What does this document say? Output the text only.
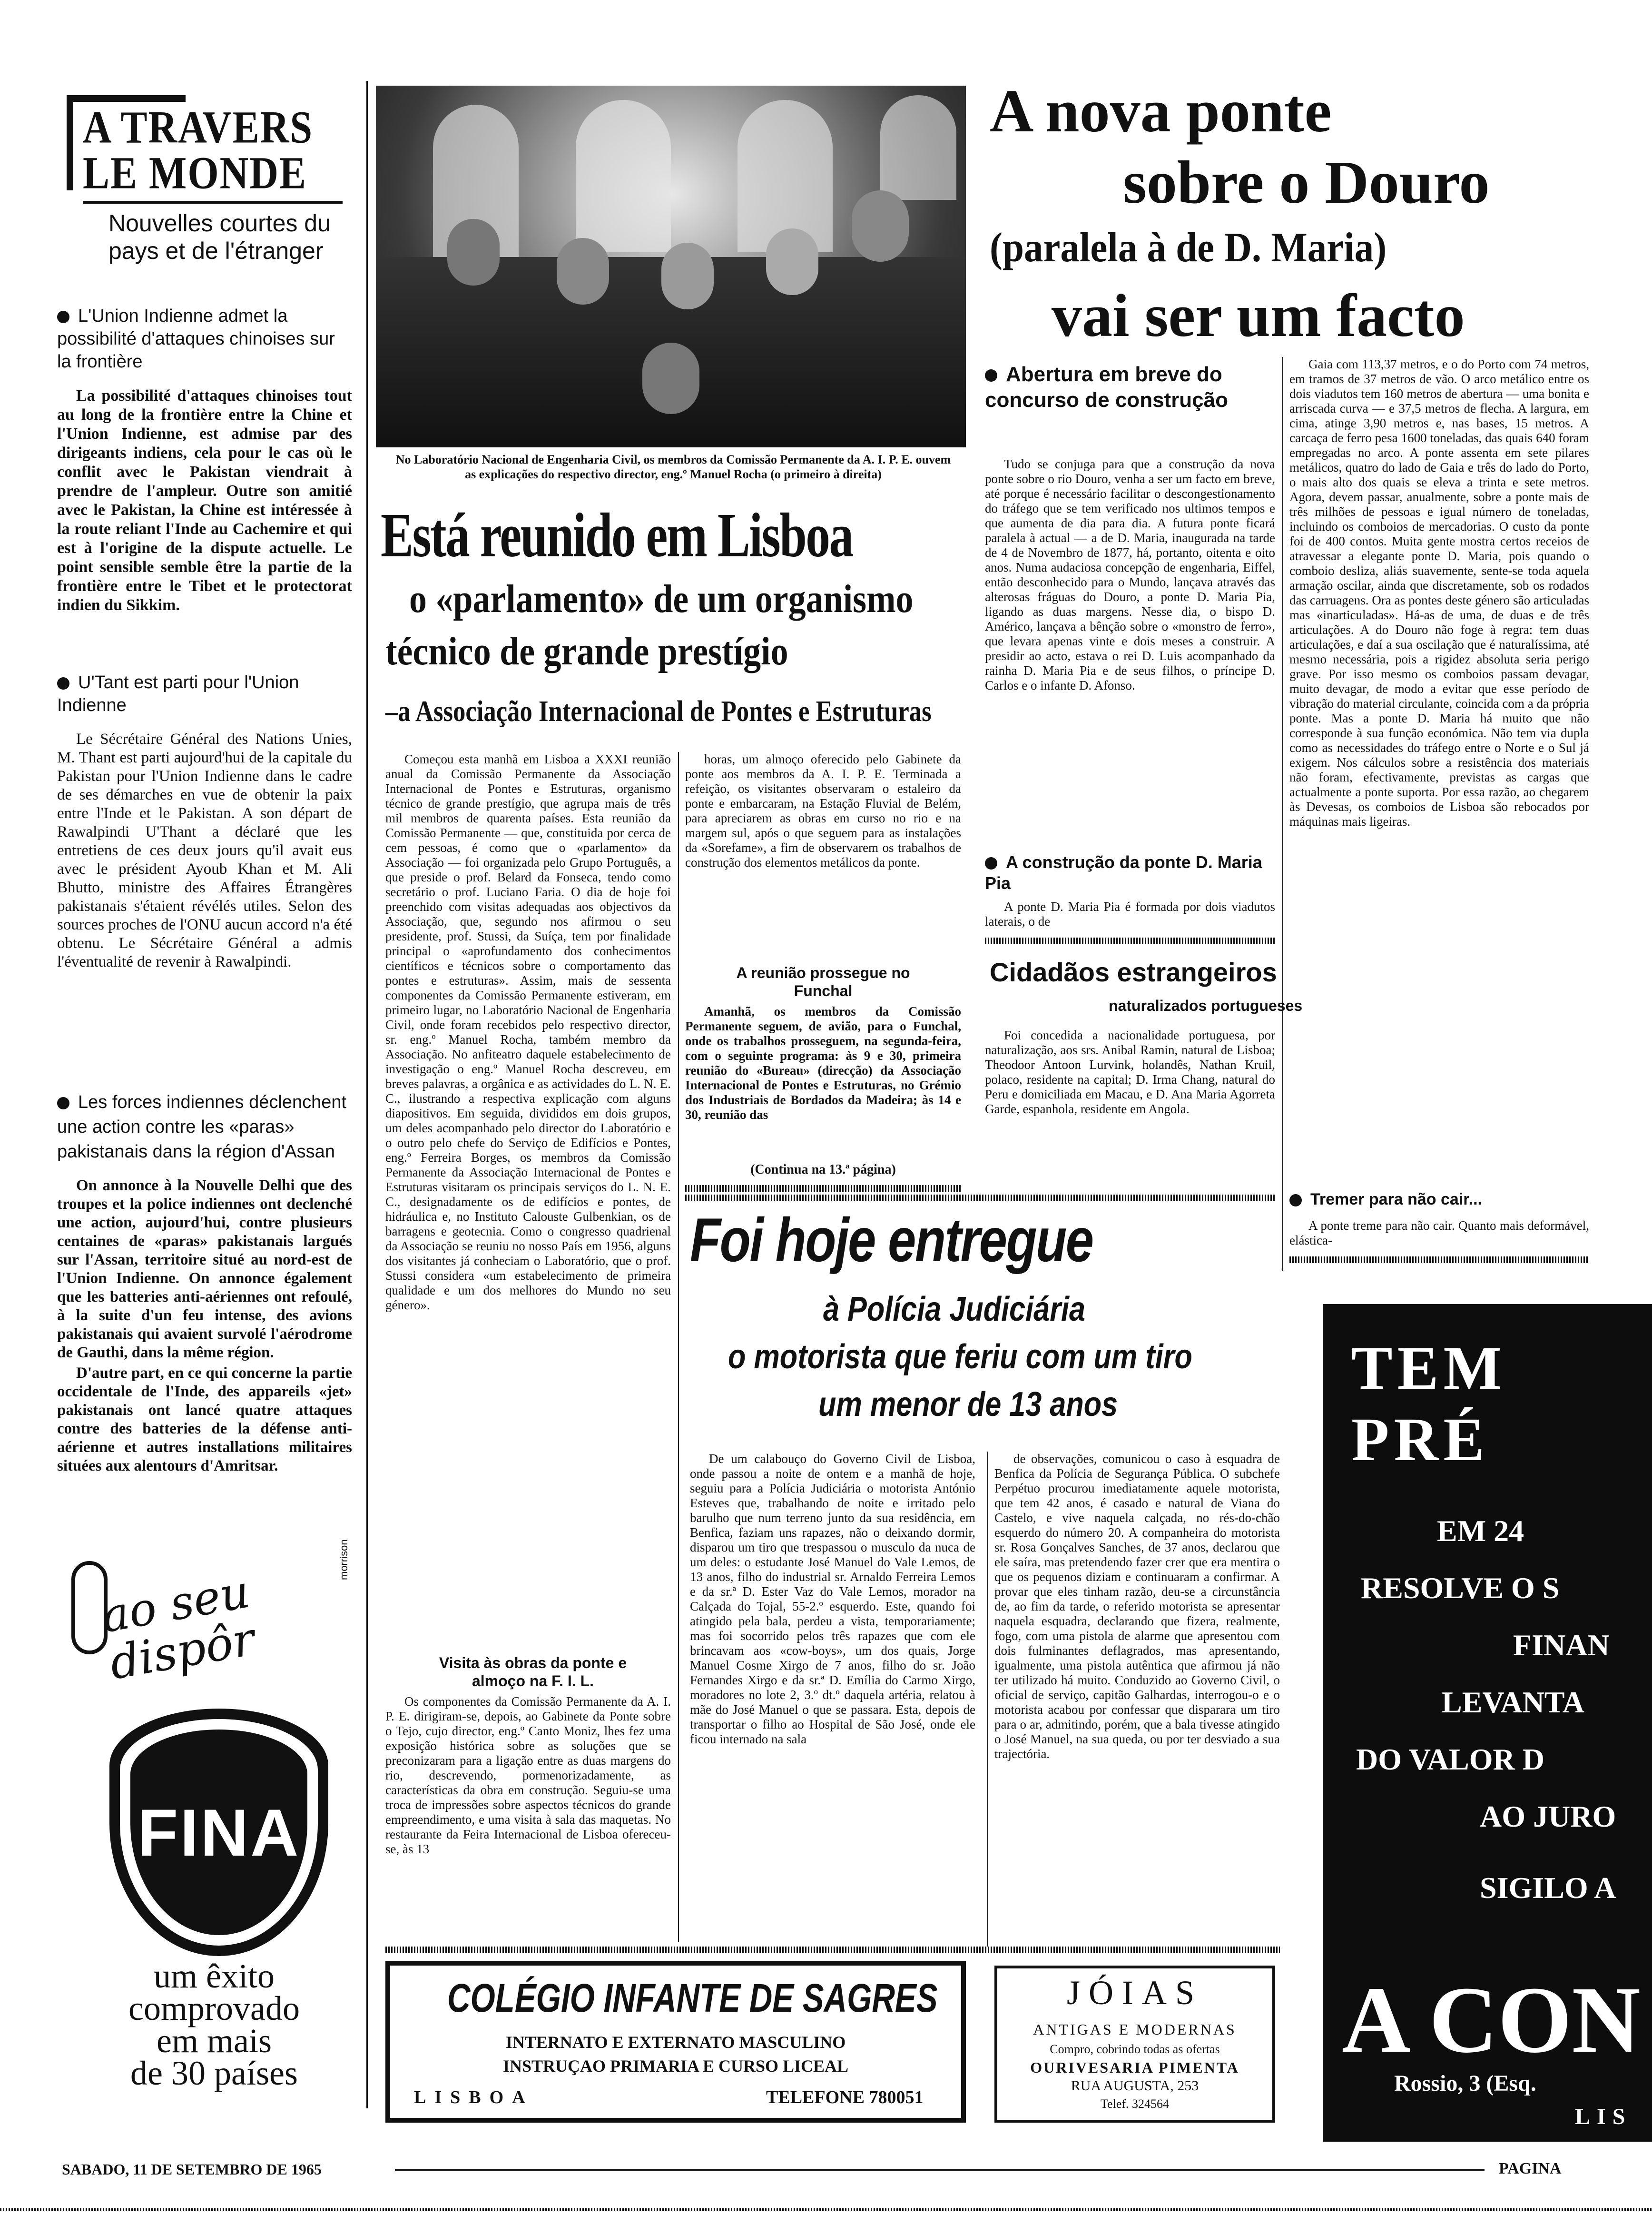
A TRAVERS
LE MONDE
Nouvelles courtes du pays et de l'étranger
L'Union Indienne admet la possibilité d'attaques chinoises sur la frontière
La possibilité d'attaques chinoises tout au long de la frontière entre la Chine et l'Union Indienne, est admise par des dirigeants indiens, cela pour le cas où le conflit avec le Pakistan viendrait à prendre de l'ampleur. Outre son amitié avec le Pakistan, la Chine est intéressée à la route reliant l'Inde au Cachemire et qui est à l'origine de la dispute actuelle. Le point sensible semble être la partie de la frontière entre le Tibet et le protectorat indien du Sikkim.
U'Tant est parti pour l'Union Indienne
Le Sécrétaire Général des Nations Unies, M. Thant est parti aujourd'hui de la capitale du Pakistan pour l'Union Indienne dans le cadre de ses démarches en vue de obtenir la paix entre l'Inde et le Pakistan. A son départ de Rawalpindi U'Thant a déclaré que les entretiens de ces deux jours qu'il avait eus avec le président Ayoub Khan et M. Ali Bhutto, ministre des Affaires Étrangères pakistanais s'étaient révélés utiles. Selon des sources proches de l'ONU aucun accord n'a été obtenu. Le Sécrétaire Général a admis l'éventualité de revenir à Rawalpindi.
Les forces indiennes déclenchent une action contre les «paras» pakistanais dans la région d'Assan
On annonce à la Nouvelle Delhi que des troupes et la police indiennes ont declenché une action, aujourd'hui, contre plusieurs centaines de «paras» pakistanais largués sur l'Assan, territoire situé au nord-est de l'Union Indienne. On annonce également que les batteries anti-aériennes ont refoulé, à la suite d'un feu intense, des avions pakistanais qui avaient survolé l'aérodrome de Gauthi, dans la même région.
D'autre part, en ce qui concerne la partie occidentale de l'Inde, des appareils «jet» pakistanais ont lancé quatre attaques contre des batteries de la défense anti-aérienne et autres installations militaires situées aux alentours d'Amritsar.
ao seu dispôr
morrison
FINA
um êxito
comprovado
em mais
de 30 países
No Laboratório Nacional de Engenharia Civil, os membros da Comissão Permanente da A. I. P. E. ouvem as explicações do respectivo director, eng.º Manuel Rocha (o primeiro à direita)
Está reunido em Lisboa
o «parlamento» de um organismo
técnico de grande prestígio
–a Associação Internacional de Pontes e Estruturas
Começou esta manhã em Lisboa a XXXI reunião anual da Comissão Permanente da Associação Internacional de Pontes e Estruturas, organismo técnico de grande prestígio, que agrupa mais de três mil membros de quarenta países. Esta reunião da Comissão Permanente — que, constituida por cerca de cem pessoas, é como que o «parlamento» da Associação — foi organizada pelo Grupo Português, a que preside o prof. Belard da Fonseca, tendo como secretário o prof. Luciano Faria. O dia de hoje foi preenchido com visitas adequadas aos objectivos da Associação, que, segundo nos afirmou o seu presidente, prof. Stussi, da Suíça, tem por finalidade principal o «aprofundamento dos conhecimentos científicos e técnicos sobre o comportamento das pontes e estruturas». Assim, mais de sessenta componentes da Comissão Permanente estiveram, em primeiro lugar, no Laboratório Nacional de Engenharia Civil, onde foram recebidos pelo respectivo director, sr. eng.º Manuel Rocha, também membro da Associação. No anfiteatro daquele estabelecimento de investigação o eng.º Manuel Rocha descreveu, em breves palavras, a orgânica e as actividades do L. N. E. C., ilustrando a respectiva explicação com alguns diapositivos. Em seguida, divididos em dois grupos, um deles acompanhado pelo director do Laboratório e o outro pelo chefe do Serviço de Edifícios e Pontes, eng.º Ferreira Borges, os membros da Comissão Permanente da Associação Internacional de Pontes e Estruturas visitaram os principais serviços do L. N. E. C., designadamente os de edifícios e pontes, de hidráulica e, no Instituto Calouste Gulbenkian, os de barragens e geotecnia. Como o congresso quadrienal da Associação se reuniu no nosso País em 1956, alguns dos visitantes já conheciam o Laboratório, que o prof. Stussi considera «um estabelecimento de primeira qualidade e um dos melhores do Mundo no seu género».
Visita às obras da ponte e almoço na F. I. L.
Os componentes da Comissão Permanente da A. I. P. E. dirigiram-se, depois, ao Gabinete da Ponte sobre o Tejo, cujo director, eng.º Canto Moniz, lhes fez uma exposição histórica sobre as soluções que se preconizaram para a ligação entre as duas margens do rio, descrevendo, pormenorizadamente, as características da obra em construção. Seguiu-se uma troca de impressões sobre aspectos técnicos do grande empreendimento, e uma visita à sala das maquetas. No restaurante da Feira Internacional de Lisboa ofereceu-se, às 13
horas, um almoço oferecido pelo Gabinete da ponte aos membros da A. I. P. E. Terminada a refeição, os visitantes observaram o estaleiro da ponte e embarcaram, na Estação Fluvial de Belém, para apreciarem as obras em curso no rio e na margem sul, após o que seguem para as instalações da «Sorefame», a fim de observarem os trabalhos de construção dos elementos metálicos da ponte.
A reunião prossegue no Funchal
Amanhã, os membros da Comissão Permanente seguem, de avião, para o Funchal, onde os trabalhos prosseguem, na segunda-feira, com o seguinte programa: às 9 e 30, primeira reunião do «Bureau» (direcção) da Associação Internacional de Pontes e Estruturas, no Grémio dos Industriais de Bordados da Madeira; às 14 e 30, reunião das
(Continua na 13.ª página)
A nova ponte
sobre o Douro
(paralela à de D. Maria)
vai ser um facto
Abertura em breve do concurso de construção
Tudo se conjuga para que a construção da nova ponte sobre o rio Douro, venha a ser um facto em breve, até porque é necessário facilitar o descongestionamento do tráfego que se tem verificado nos ultimos tempos e que aumenta de dia para dia. A futura ponte ficará paralela à actual — a de D. Maria, inaugurada na tarde de 4 de Novembro de 1877, há, portanto, oitenta e oito anos. Numa audaciosa concepção de engenharia, Eiffel, então desconhecido para o Mundo, lançava através das alterosas fráguas do Douro, a ponte D. Maria Pia, ligando as duas margens. Nesse dia, o bispo D. Américo, lançava a bênção sobre o «monstro de ferro», que levara apenas vinte e dois meses a construir. A presidir ao acto, estava o rei D. Luis acompanhado da rainha D. Maria Pia e de seus filhos, o príncipe D. Carlos e o infante D. Afonso.
A construção da ponte D. Maria Pia
A ponte D. Maria Pia é formada por dois viadutos laterais, o de
Gaia com 113,37 metros, e o do Porto com 74 metros, em tramos de 37 metros de vão. O arco metálico entre os dois viadutos tem 160 metros de abertura — uma bonita e arriscada curva — e 37,5 metros de flecha. A largura, em cima, atinge 3,90 metros e, nas bases, 15 metros. A carcaça de ferro pesa 1600 toneladas, das quais 640 foram empregadas no arco. A ponte assenta em sete pilares metálicos, quatro do lado de Gaia e três do lado do Porto, o mais alto dos quais se eleva a trinta e sete metros. Agora, devem passar, anualmente, sobre a ponte mais de três milhões de pessoas e igual número de toneladas, incluindo os comboios de mercadorias. O custo da ponte foi de 400 contos. Muita gente mostra certos receios de atravessar a elegante ponte D. Maria, pois quando o comboio desliza, aliás suavemente, sente-se toda aquela armação oscilar, ainda que discretamente, sob os rodados das carruagens. Ora as pontes deste género são articuladas mas «inarticuladas». Há-as de uma, de duas e de três articulações. A do Douro não foge à regra: tem duas articulações, e daí a sua oscilação que é naturalíssima, até mesmo necessária, pois a rigidez absoluta seria perigo grave. Por isso mesmo os comboios passam devagar, muito devagar, de modo a evitar que esse período de vibração do material circulante, coincida com a da própria ponte. Mas a ponte D. Maria há muito que não corresponde à sua função económica. Não tem via dupla como as necessidades do tráfego entre o Norte e o Sul já exigem. Nos cálculos sobre a resistência dos materiais não foram, efectivamente, previstas as cargas que actualmente a ponte suporta. Por essa razão, ao chegarem às Devesas, os comboios de Lisboa são rebocados por máquinas mais ligeiras.
Tremer para não cair...
A ponte treme para não cair. Quanto mais deformável, elástica-
Cidadãos estrangeiros
naturalizados portugueses
Foi concedida a nacionalidade portuguesa, por naturalização, aos srs. Anibal Ramin, natural de Lisboa; Theodoor Antoon Lurvink, holandês, Nathan Kruil, polaco, residente na capital; D. Irma Chang, natural do Peru e domiciliada em Macau, e D. Ana Maria Agorreta Garde, espanhola, residente em Angola.
Foi hoje entregue
à Polícia Judiciária
o motorista que feriu com um tiro
um menor de 13 anos
De um calabouço do Governo Civil de Lisboa, onde passou a noite de ontem e a manhã de hoje, seguiu para a Polícia Judiciária o motorista António Esteves que, trabalhando de noite e irritado pelo barulho que num terreno junto da sua residência, em Benfica, faziam uns rapazes, não o deixando dormir, disparou um tiro que trespassou o musculo da nuca de um deles: o estudante José Manuel do Vale Lemos, de 13 anos, filho do industrial sr. Arnaldo Ferreira Lemos e da sr.ª D. Ester Vaz do Vale Lemos, morador na Calçada do Tojal, 55-2.º esquerdo. Este, quando foi atingido pela bala, perdeu a vista, temporariamente; mas foi socorrido pelos três rapazes que com ele brincavam aos «cow-boys», um dos quais, Jorge Manuel Cosme Xirgo de 7 anos, filho do sr. João Fernandes Xirgo e da sr.ª D. Emília do Carmo Xirgo, moradores no lote 2, 3.º dt.º daquela artéria, relatou à mãe do José Manuel o que se passara. Esta, depois de transportar o filho ao Hospital de São José, onde ele ficou internado na sala
de observações, comunicou o caso à esquadra de Benfica da Polícia de Segurança Pública. O subchefe Perpétuo procurou imediatamente aquele motorista, que tem 42 anos, é casado e natural de Viana do Castelo, e vive naquela calçada, no rés-do-chão esquerdo do número 20. A companheira do motorista sr. Rosa Gonçalves Sanches, de 37 anos, declarou que ele saíra, mas pretendendo fazer crer que era mentira o que os pequenos diziam e continuaram a confirmar. A provar que eles tinham razão, deu-se a circunstância de, ao fim da tarde, o referido motorista se apresentar naquela esquadra, declarando que fizera, realmente, fogo, com uma pistola de alarme que apresentou com dois fulminantes deflagrados, mas apresentando, igualmente, uma pistola autêntica que afirmou já não ter utilizado há muito. Conduzido ao Governo Civil, o oficial de serviço, capitão Galhardas, interrogou-o e o motorista acabou por confessar que disparara um tiro para o ar, admitindo, porém, que a bala tivesse atingido o José Manuel, na sua queda, ou por ter desviado a sua trajectória.
TEM
PRÉ
EM 24
RESOLVE O S
FINAN
LEVANTA
DO VALOR D
AO JURO
SIGILO A
A CON
Rossio, 3 (Esq.
LIS
COLÉGIO INFANTE DE SAGRES
INTERNATO E EXTERNATO MASCULINO
INSTRUÇAO PRIMARIA E CURSO LICEAL
LISBOA	TELEFONE 780051
JÓIAS
ANTIGAS E MODERNAS
Compro, cobrindo todas as ofertas
OURIVESARIA PIMENTA
RUA AUGUSTA, 253
Telef. 324564
SABADO, 11 DE SETEMBRO DE 1965	PAGINA
